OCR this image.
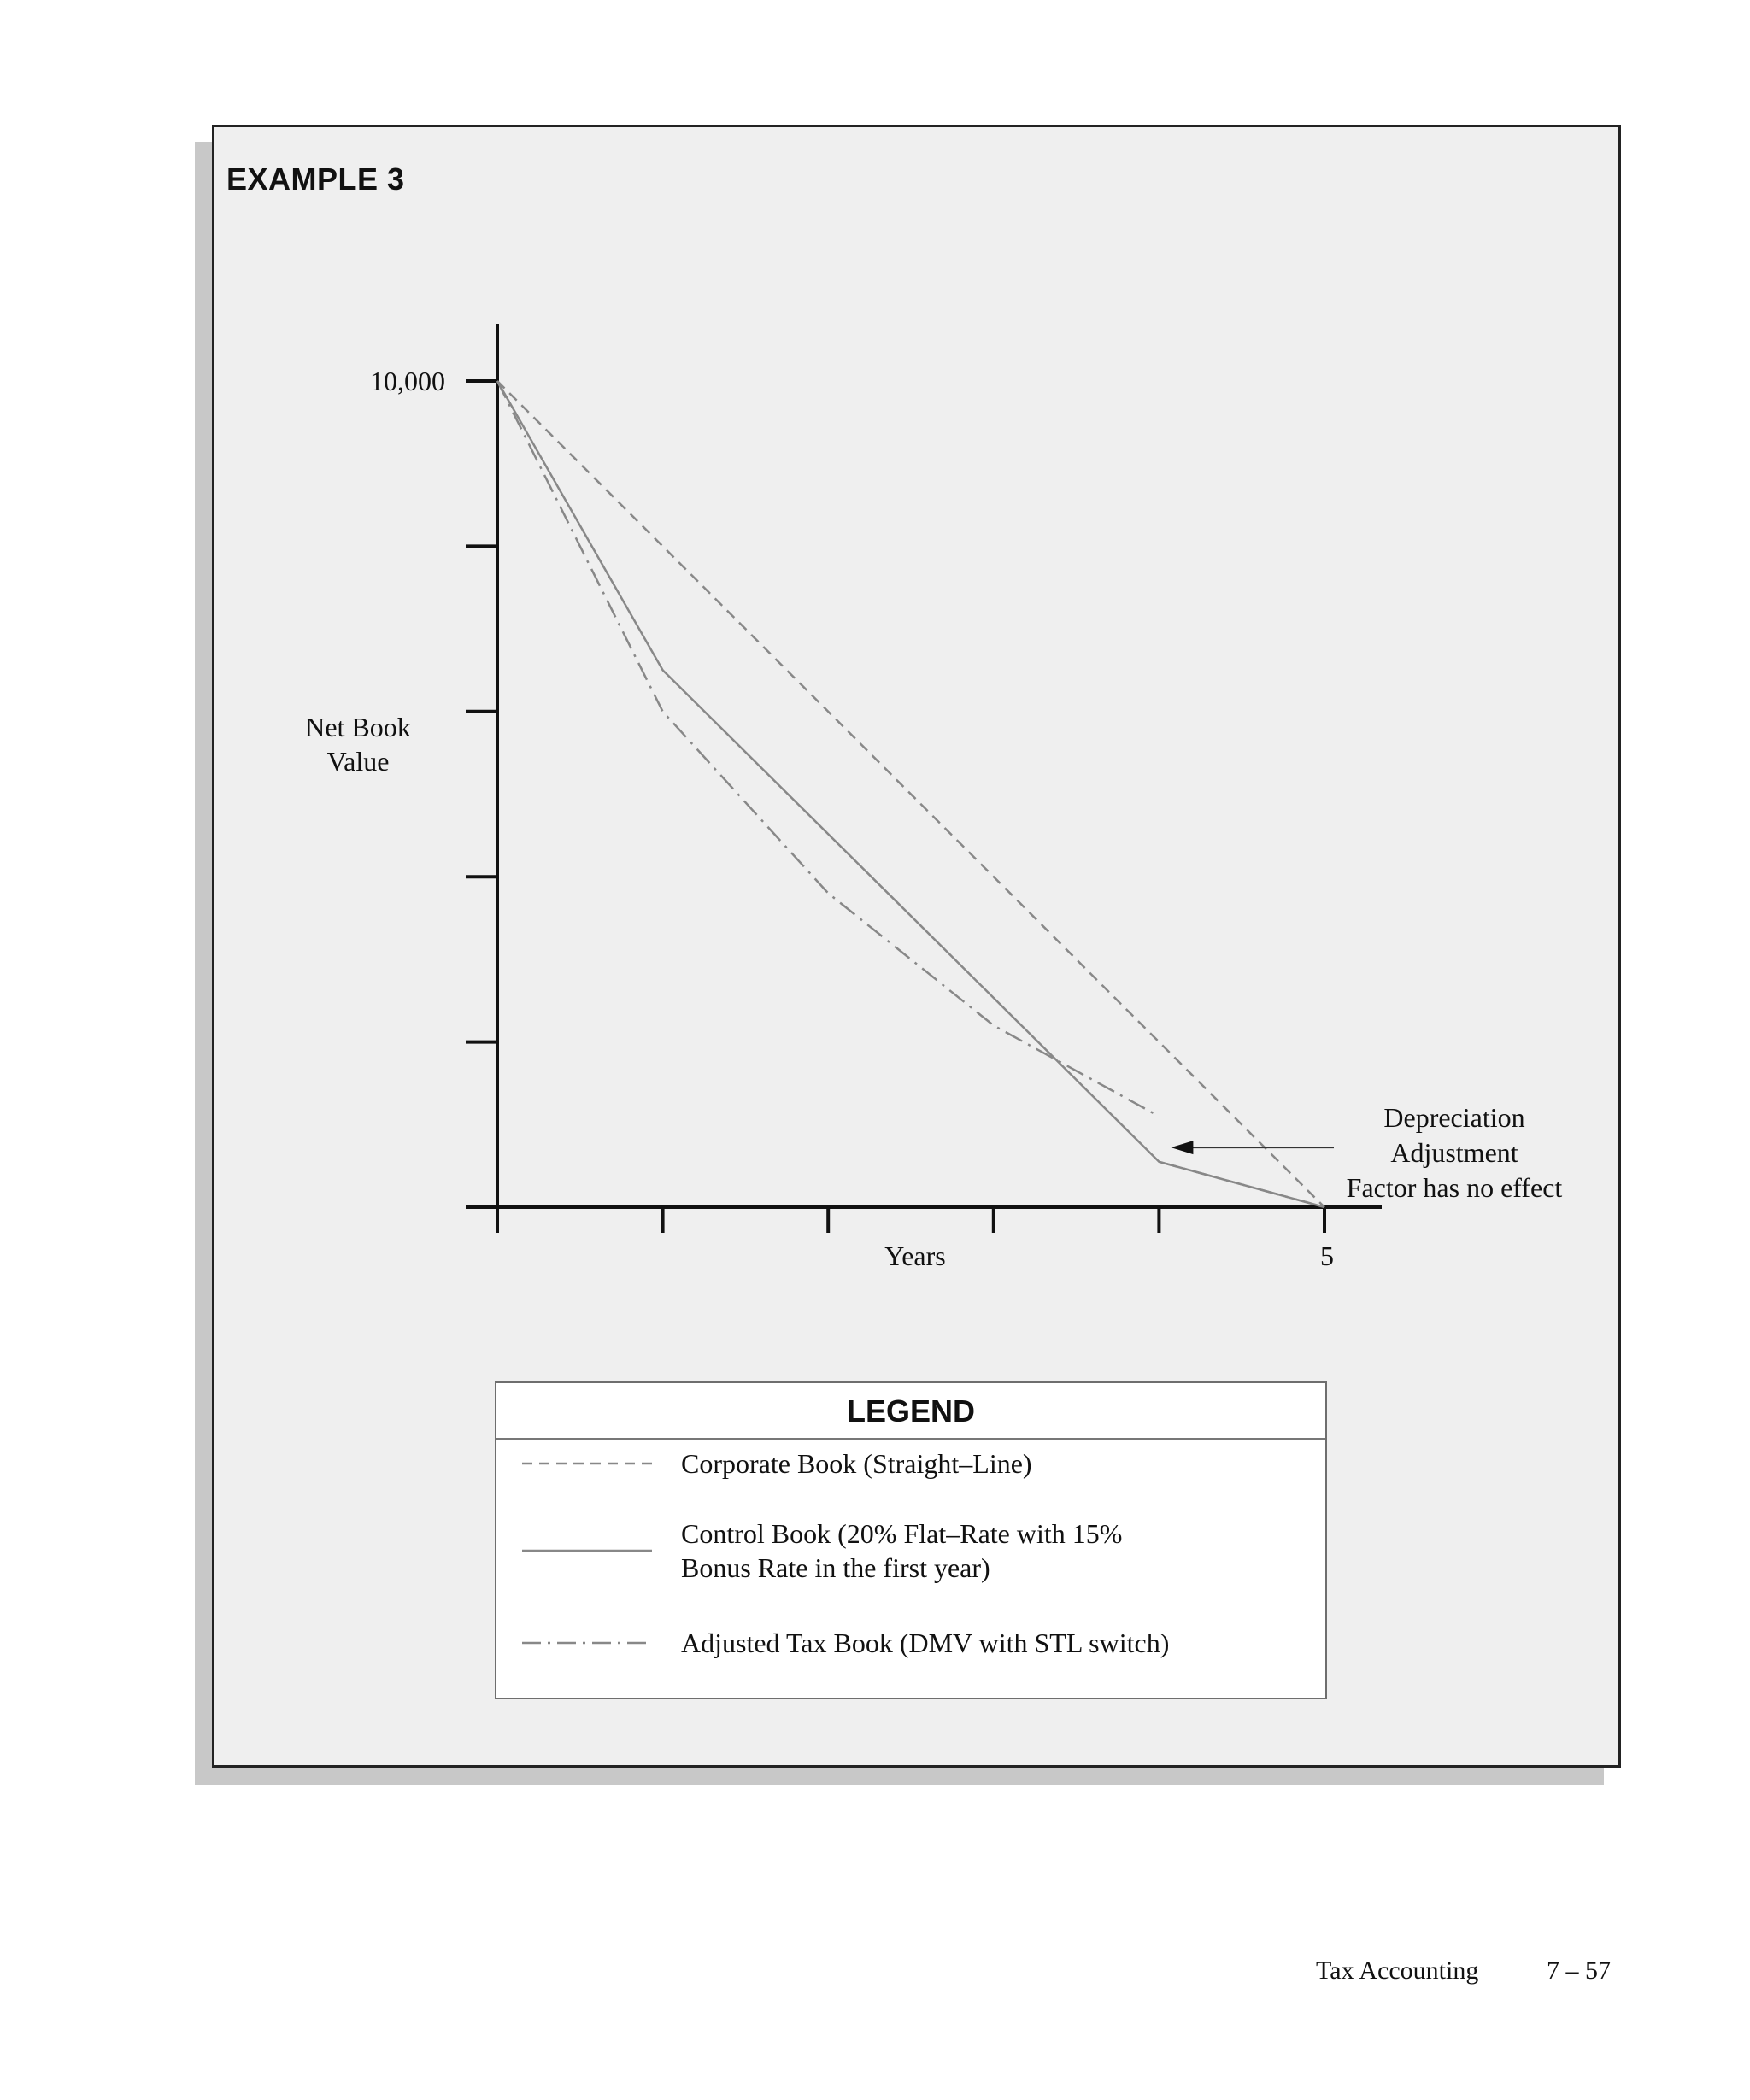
EXAMPLE 3
10,000
5
Years
Net Book
Value
Depreciation
Adjustment
Factor has no effect
LEGEND
Corporate Book (Straight–Line)
Control Book (20% Flat–Rate with 15%
Bonus Rate in the first year)
Adjusted Tax Book (DMV with STL switch)
Tax Accounting	7 – 57
